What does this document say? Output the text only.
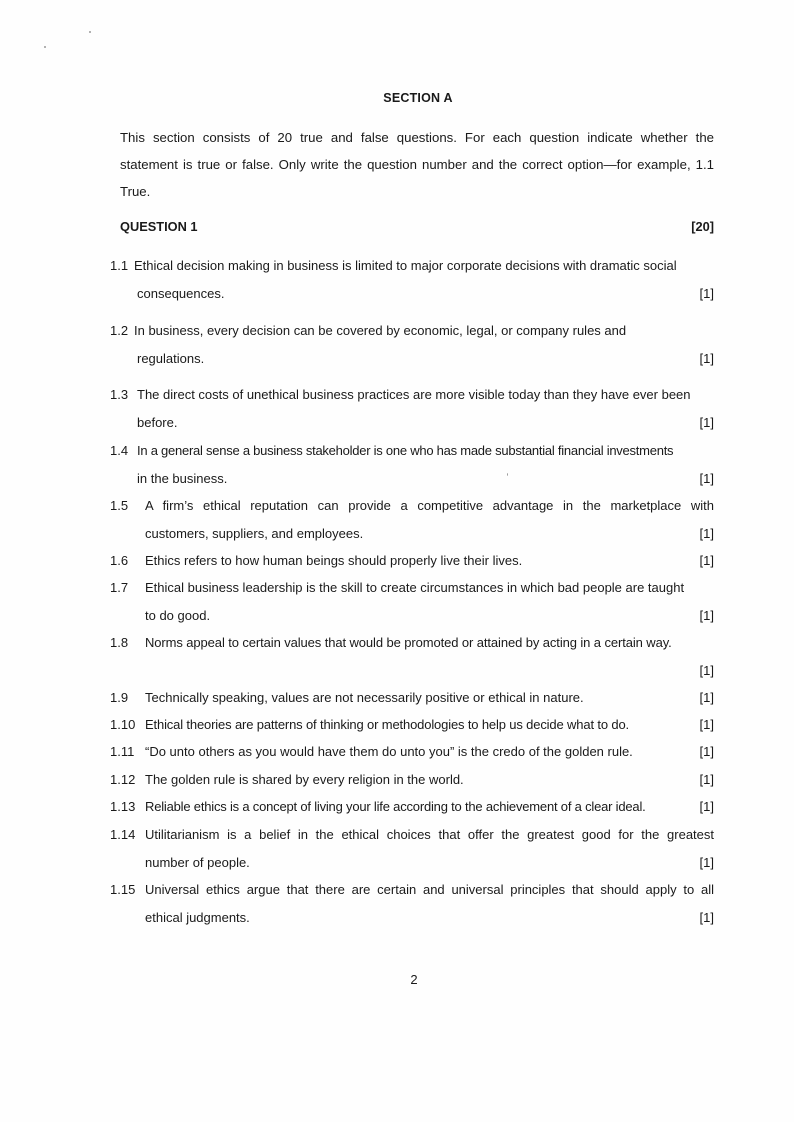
SECTION A
This section consists of 20 true and false questions. For each question indicate whether the statement is true or false. Only write the question number and the correct option—for example, 1.1 True.
QUESTION 1	[20]
1.1 Ethical decision making in business is limited to major corporate decisions with dramatic social
consequences.	[1]
1.2 In business, every decision can be covered by economic, legal, or company rules and
regulations.	[1]
1.3 The direct costs of unethical business practices are more visible today than they have ever been
before.	[1]
1.4 In a general sense a business stakeholder is one who has made substantial financial investments
in the business.	[1]
1.5 A firm’s ethical reputation can provide a competitive advantage in the marketplace with
customers, suppliers, and employees.	[1]
1.6 Ethics refers to how human beings should properly live their lives.	[1]
1.7 Ethical business leadership is the skill to create circumstances in which bad people are taught
to do good.	[1]
1.8 Norms appeal to certain values that would be promoted or attained by acting in a certain way.
[1]
1.9 Technically speaking, values are not necessarily positive or ethical in nature.	[1]
1.10 Ethical theories are patterns of thinking or methodologies to help us decide what to do.	[1]
1.11 “Do unto others as you would have them do unto you” is the credo of the golden rule.	[1]
1.12 The golden rule is shared by every religion in the world.	[1]
1.13 Reliable ethics is a concept of living your life according to the achievement of a clear ideal.	[1]
1.14 Utilitarianism is a belief in the ethical choices that offer the greatest good for the greatest
number of people.	[1]
1.15 Universal ethics argue that there are certain and universal principles that should apply to all
ethical judgments.	[1]
2
